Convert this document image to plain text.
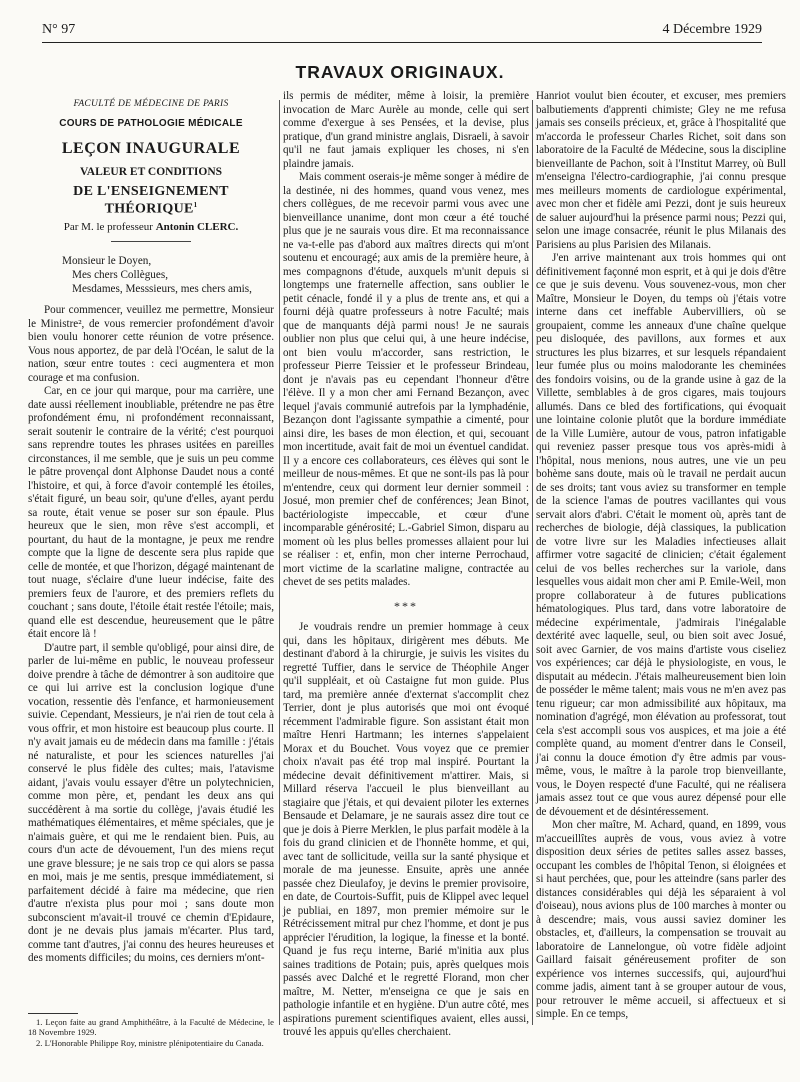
N° 97	4 Décembre 1929
TRAVAUX ORIGINAUX.
FACULTÉ DE MÉDECINE DE PARIS
COURS DE PATHOLOGIE MÉDICALE
LEÇON INAUGURALE
VALEUR ET CONDITIONS
DE L'ENSEIGNEMENT THÉORIQUE$^1$
Par M. le professeur Antonin CLERC.
Monsieur le Doyen,
Mes chers Collègues,
Mesdames, Messsieurs, mes chers amis,

Pour commencer, veuillez me permettre, Monsieur le Ministre², de vous remercier profondément d'avoir bien voulu honorer cette réunion de votre présence. Vous nous apportez, de par delà l'Océan, le salut de la nation, sœur entre toutes : ceci augmentera et mon courage et ma confusion.

Car, en ce jour qui marque, pour ma carrière, une date aussi réellement inoubliable, prétendre ne pas être profondément ému, ni profondément reconnaissant, serait soutenir le contraire de la vérité; c'est pourquoi sans reprendre toutes les phrases usitées en pareilles circonstances, il me semble, que je suis un peu comme le pâtre provençal dont Alphonse Daudet nous a conté l'histoire, et qui, à force d'avoir contemplé les étoiles, s'était figuré, un beau soir, qu'une d'elles, ayant perdu sa route, était venue se poser sur son épaule. Plus heureux que le sien, mon rêve s'est accompli, et pourtant, du haut de la montagne, je peux me rendre compte que la ligne de descente sera plus rapide que celle de montée, et que l'horizon, dégagé maintenant de tout nuage, s'éclaire d'une lueur indécise, faite des premiers feux de l'aurore, et des premiers reflets du couchant ; sans doute, l'étoile était restée l'étoile; mais, quand elle est descendue, heureusement que le pâtre était encore là !

D'autre part, il semble qu'obligé, pour ainsi dire, de parler de lui-même en public, le nouveau professeur doive prendre à tâche de démontrer à son auditoire que ce qui lui arrive est la conclusion logique d'une vocation, ressentie dès l'enfance, et harmonieusement suivie. Cependant, Messieurs, je n'ai rien de tout cela à vous offrir, et mon histoire est beaucoup plus courte. Il n'y avait jamais eu de médecin dans ma famille : j'étais né naturaliste, et pour les sciences naturelles j'ai conservé le plus fidèle des cultes; mais, l'atavisme aidant, j'avais voulu essayer d'être un polytechnicien, comme mon père, et, pendant les deux ans qui succédèrent à ma sortie du collège, j'avais étudié les mathématiques élémentaires, et même spéciales, que je n'aimais guère, et qui me le rendaient bien. Puis, au cours d'un acte de dévouement, l'un des miens reçut une grave blessure; je ne sais trop ce qui alors se passa en moi, mais je me sentis, presque immédiatement, si parfaitement décidé à faire ma médecine, que rien d'autre n'exista plus pour moi ; sans doute mon subconscient m'avait-il trouvé ce chemin d'Epidaure, dont je ne devais plus jamais m'écarter. Plus tard, comme tant d'autres, j'ai connu des heures heureuses et des moments difficiles; du moins, ces derniers m'ont-

ils permis de méditer, même à loisir, la première invocation de Marc Aurèle au monde, celle qui sert comme d'exergue à ses Pensées, et la devise, plus pratique, d'un grand ministre anglais, Disraeli, à savoir qu'il ne faut jamais expliquer les choses, ni s'en plaindre jamais.

Mais comment oserais-je même songer à médire de la destinée, ni des hommes, quand vous venez, mes chers collègues, de me recevoir parmi vous avec une bienveillance unanime, dont mon cœur a été touché plus que je ne saurais vous dire. Et ma reconnaissance ne va-t-elle pas d'abord aux maîtres directs qui m'ont soutenu et encouragé; aux amis de la première heure, à mes compagnons d'étude, auxquels m'unit depuis si longtemps une fraternelle affection, sans oublier le petit cénacle, fondé il y a plus de trente ans, et qui a fourni déjà quatre professeurs à notre Faculté; mais que de manquants déjà parmi nous! Je ne saurais oublier non plus que celui qui, à une heure indécise, ont bien voulu m'accorder, sans restriction, le professeur Pierre Teissier et le professeur Brindeau, dont je n'avais pas eu cependant l'honneur d'être l'élève. Il y a mon cher ami Fernand Bezançon, avec lequel j'avais communié autrefois par la lymphadénie, Bezançon dont l'agissante sympathie a cimenté, pour ainsi dire, les bases de mon élection, et qui, secouant mon incertitude, avait fait de moi un éventuel candidat. Il y a encore ces collaborateurs, ces élèves qui sont le meilleur de nous-mêmes. Et que ne sont-ils pas là pour m'entendre, ceux qui dorment leur dernier sommeil : Josué, mon premier chef de conférences; Jean Binot, bactériologiste impeccable, et cœur d'une incomparable générosité; L.-Gabriel Simon, disparu au moment où les plus belles promesses allaient pour lui se réaliser : et, enfin, mon cher interne Perrochaud, mort victime de la scarlatine maligne, contractée au chevet de ses petits malades.

***

Je voudrais rendre un premier hommage à ceux qui, dans les hôpitaux, dirigèrent mes débuts. Me destinant d'abord à la chirurgie, je suivis les visites du regretté Tuffier, dans le service de Théophile Anger qu'il suppléait, et où Castaigne fut mon guide. Plus tard, ma première année d'externat s'accomplit chez Terrier, dont je plus autorisés que moi ont évoqué récemment l'admirable figure. Son assistant était mon maître Henri Hartmann; les internes s'appelaient Morax et du Bouchet. Vous voyez que ce premier choix n'avait pas été trop mal inspiré. Pourtant la médecine devait définitivement m'attirer. Mais, si Millard réserva l'accueil le plus bienveillant au stagiaire que j'étais, et qui devaient piloter les externes Bensaude et Delamare, je ne saurais assez dire tout ce que je dois à Pierre Merklen, le plus parfait modèle à la fois du grand clinicien et de l'honnête homme, et qui, avec tant de sollicitude, veilla sur la santé physique et morale de ma jeunesse. Ensuite, après une année passée chez Dieulafoy, je devins le premier provisoire, en date, de Courtois-Suffit, puis de Klippel avec lequel je publiai, en 1897, mon premier mémoire sur le Rétrécissement mitral pur chez l'homme, et dont je pus apprécier l'érudition, la logique, la finesse et la bonté. Quand je fus reçu interne, Barié m'initia aux plus saines traditions de Potain; puis, après quelques mois passés avec Dalché et le regretté Florand, mon cher maître, M. Netter, m'enseigna ce que je sais en pathologie infantile et en hygiène. D'un autre côté, mes aspirations purement scientifiques avaient, elles aussi, trouvé les appuis qu'elles cherchaient.

Hanriot voulut bien écouter, et excuser, mes premiers balbutiements d'apprenti chimiste; Gley ne me refusa jamais ses conseils précieux, et, grâce à l'hospitalité que m'accorda le professeur Charles Richet, soit dans son laboratoire de la Faculté de Médecine, sous la discipline bienveillante de Pachon, soit à l'Institut Marrey, où Bull m'enseigna l'électro-cardiographie, j'ai connu presque mes meilleurs moments de cardiologue expérimental, avec mon cher et fidèle ami Pezzi, dont je suis heureux de saluer aujourd'hui la présence parmi nous; Pezzi qui, selon une image consacrée, réunit le plus Milanais des Parisiens au plus Parisien des Milanais.

J'en arrive maintenant aux trois hommes qui ont définitivement façonné mon esprit, et à qui je dois d'être ce que je suis devenu. Vous souvenez-vous, mon cher Maître, Monsieur le Doyen, du temps où j'étais votre interne dans cet ineffable Aubervilliers, où se groupaient, comme les anneaux d'une chaîne quelque peu disloquée, des pavillons, aux formes et aux structures les plus bizarres, et sur lesquels répandaient leur fumée plus ou moins malodorante les cheminées des fondoirs voisins, ou de la grande usine à gaz de la Villette, semblables à de gros cigares, mais toujours allumés. Dans ce bled des fortifications, qui évoquait une lointaine colonie plutôt que la bordure immédiate de la Ville Lumière, autour de vous, patron infatigable qui reveniez passer presque tous vos après-midi à l'hôpital, nous menions, nous autres, une vie un peu bohème sans doute, mais où le travail ne perdait aucun de ses droits; tant vous aviez su transformer en temple de la science l'amas de poutres vacillantes qui vous servait alors d'abri. C'était le moment où, après tant de recherches de biologie, déjà classiques, la publication de votre livre sur les Maladies infectieuses allait affirmer votre sagacité de clinicien; c'était également celui de vos belles recherches sur la variole, dans lesquelles vous aidait mon cher ami P. Emile-Weil, mon propre collaborateur à de futures publications hématologiques. Plus tard, dans votre laboratoire de médecine expérimentale, j'admirais l'inégalable dextérité avec laquelle, seul, ou bien soit avec Josué, soit avec Garnier, de vos mains d'artiste vous ciseliez vos expériences; car déjà le physiologiste, en vous, le disputait au médecin. J'étais malheureusement bien loin de posséder le même talent; mais vous ne m'en avez pas tenu rigueur; car mon admissibilité aux hôpitaux, ma nomination d'agrégé, mon élévation au professorat, tout cela s'est accompli sous vos auspices, et ma joie a été complète quand, au moment d'entrer dans le Conseil, j'ai connu la douce émotion d'y être admis par vous-même, vous, le maître à la parole trop bienveillante, vous, le Doyen respecté d'une Faculté, qui ne réalisera jamais assez tout ce que vous aurez dépensé pour elle de dévouement et de désintéressement.

Mon cher maître, M. Achard, quand, en 1899, vous m'accueillîtes auprès de vous, vous aviez à votre disposition deux séries de petites salles assez basses, occupant les combles de l'hôpital Tenon, si éloignées et si haut perchées, que, pour les atteindre (sans parler des distances considérables qui déjà les séparaient à vol d'oiseau), nous avions plus de 100 marches à monter ou à descendre; mais, vous aussi saviez dominer les obstacles, et, d'ailleurs, la compensation se trouvait au laboratoire de Lannelongue, où votre fidèle adjoint Gaillard faisait généreusement profiter de son expérience vos internes successifs, qui, aujourd'hui comme jadis, aiment tant à se grouper autour de vous, pour retrouver le même accueil, si affectueux et si simple. En ce temps,

1. Leçon faite au grand Amphithéâtre, à la Faculté de Médecine, le 18 Novembre 1929.

2. L'Honorable Philippe Roy, ministre plénipotentiaire du Canada.
